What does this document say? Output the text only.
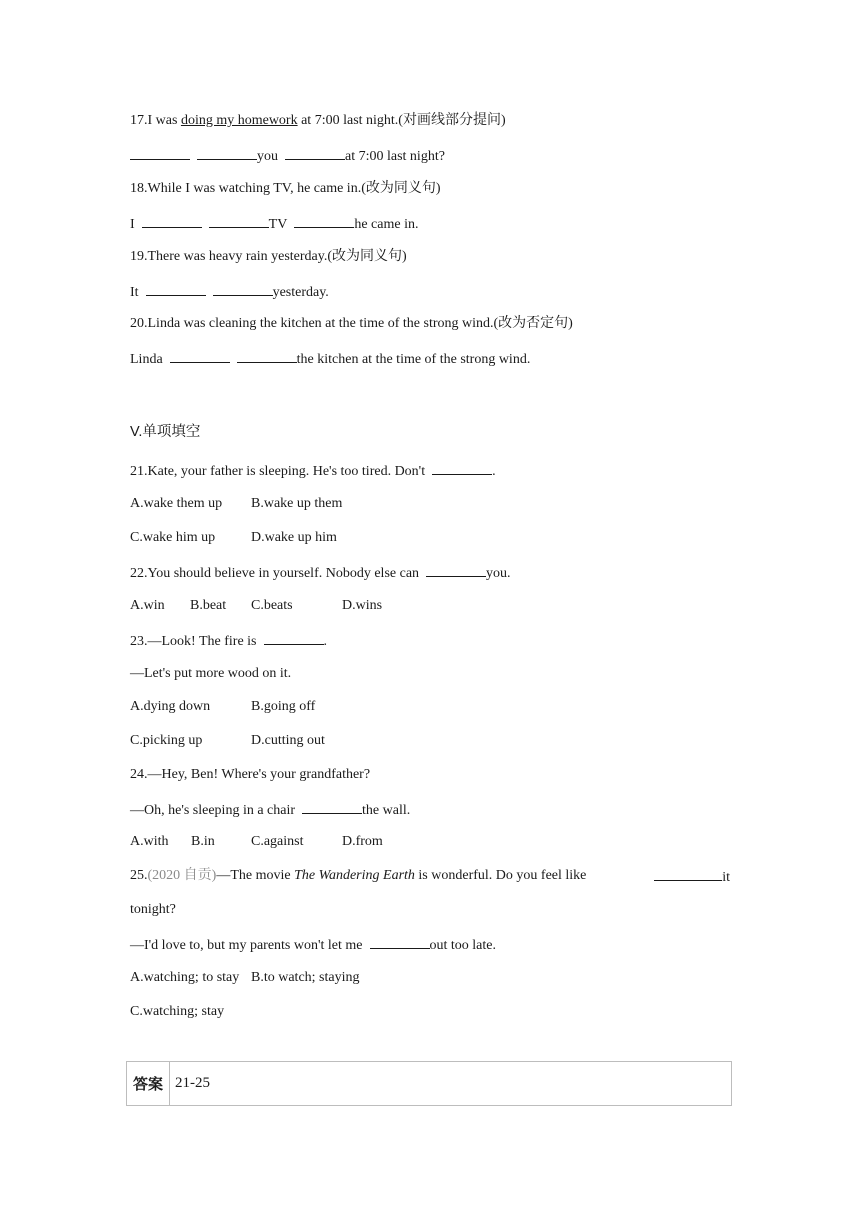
17.I was doing my homework at 7:00 last night.(对画线部分提问)
you	at 7:00 last night?
18.While I was watching TV, he came in.(改为同义句)
I	TV	he came in.
19.There was heavy rain yesterday.(改为同义句)
It	yesterday.
20.Linda was cleaning the kitchen at the time of the strong wind.(改为否定句)
Linda	the kitchen at the time of the strong wind.
V.单项填空
21.Kate, your father is sleeping. He's too tired. Don't	.
A.wake them up B.wake up them
C.wake him up	D.wake up him
22.You should believe in yourself. Nobody else can	you.
A.win B.beat C.beats	D.wins
23.—Look! The fire is	.
—Let's put more wood on it.
A.dying down	B.going off
C.picking up	D.cutting out
24.—Hey, Ben! Where's your grandfather?
—Oh, he's sleeping in a chair	the wall.
A.with B.in	C.against	D.from
25.(2020 自贡)—The movie The Wandering Earth is wonderful. Do you feel like	it
tonight?
—I'd love to, but my parents won't let me	out too late.
A.watching; to stay B.to watch; staying
C.watching; stay
答案 21-25
